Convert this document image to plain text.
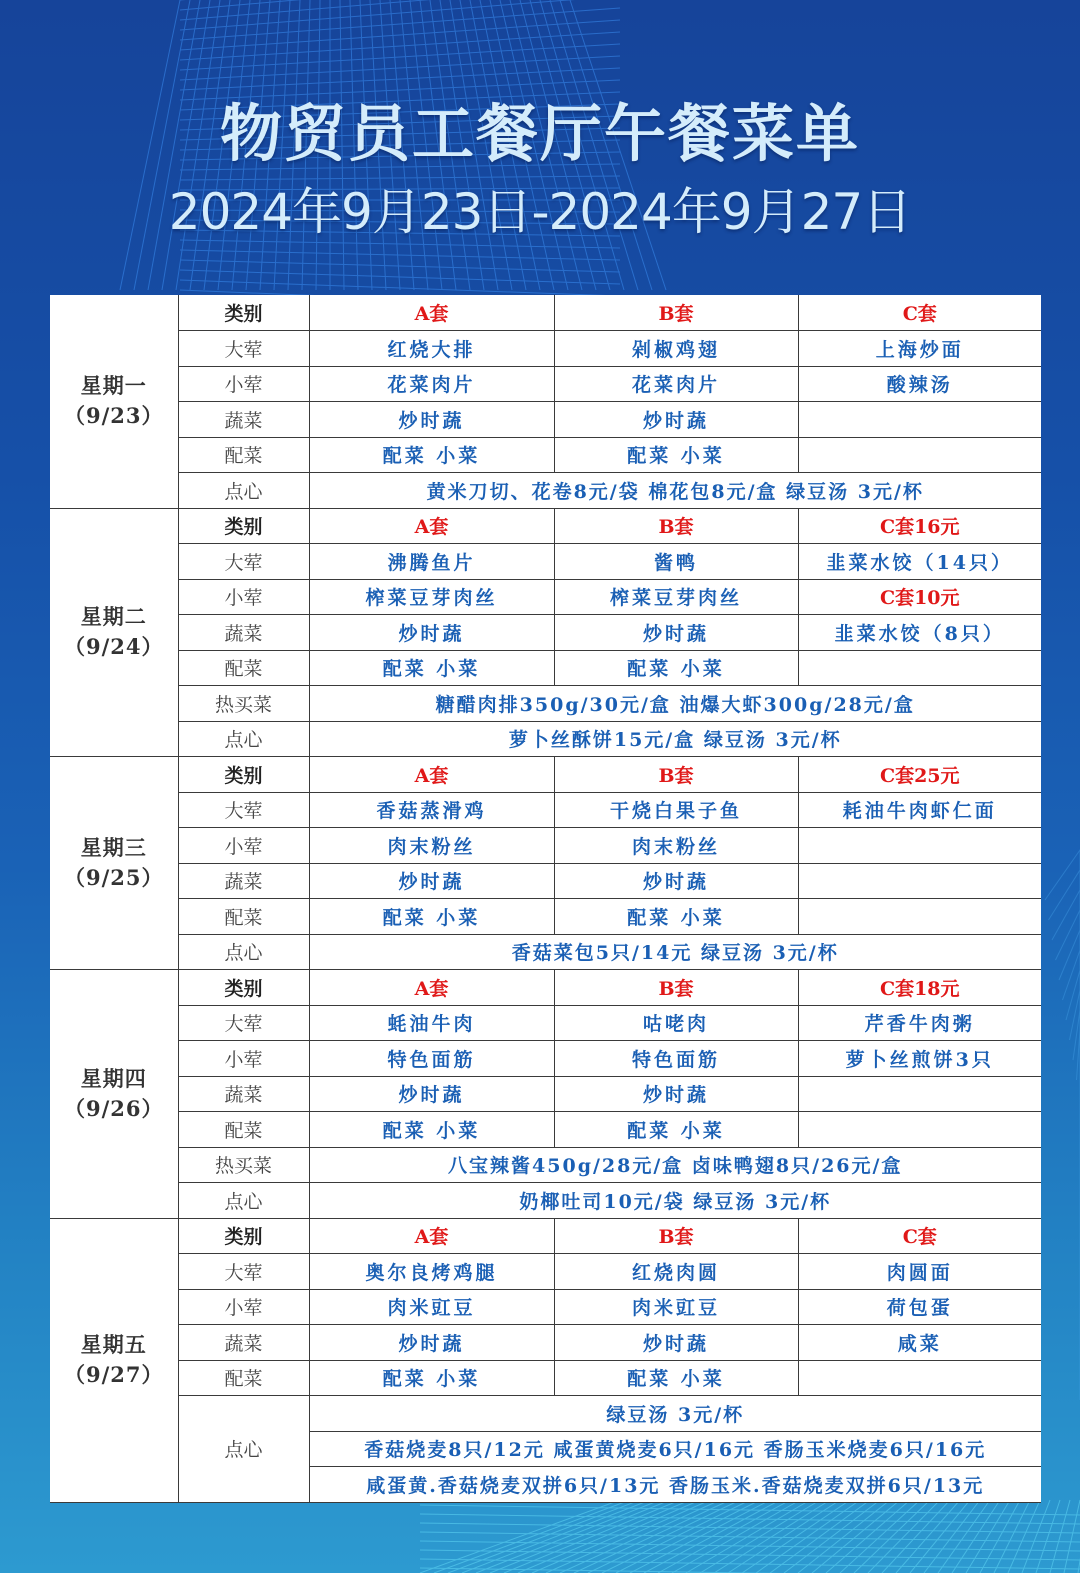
物贸员工餐厅午餐菜单
2024年9月23日-2024年9月27日
星期一
（9/23）	类别	A套	B套	C套
	大荤	红烧大排	剁椒鸡翅	上海炒面
	小荤	花菜肉片	花菜肉片	酸辣汤
	蔬菜	炒时蔬	炒时蔬	
	配菜	配菜 小菜	配菜 小菜	
	点心	黄米刀切、花卷8元/袋 棉花包8元/盒 绿豆汤 3元/杯		

星期二
（9/24）	类别	A套	B套	C套16元
	大荤	沸腾鱼片	酱鸭	韭菜水饺（14只）
	小荤	榨菜豆芽肉丝	榨菜豆芽肉丝	C套10元
	蔬菜	炒时蔬	炒时蔬	韭菜水饺（8只）
	配菜	配菜 小菜	配菜 小菜	
	热买菜	糖醋肉排350g/30元/盒 油爆大虾300g/28元/盒		
	点心	萝卜丝酥饼15元/盒 绿豆汤 3元/杯		

星期三
（9/25）	类别	A套	B套	C套25元
	大荤	香菇蒸滑鸡	干烧白果子鱼	耗油牛肉虾仁面
	小荤	肉末粉丝	肉末粉丝	
	蔬菜	炒时蔬	炒时蔬	
	配菜	配菜 小菜	配菜 小菜	
	点心	香菇菜包5只/14元 绿豆汤 3元/杯		

星期四
（9/26）	类别	A套	B套	C套18元
	大荤	蚝油牛肉	咕咾肉	芹香牛肉粥
	小荤	特色面筋	特色面筋	萝卜丝煎饼3只
	蔬菜	炒时蔬	炒时蔬	
	配菜	配菜 小菜	配菜 小菜	
	热买菜	八宝辣酱450g/28元/盒 卤味鸭翅8只/26元/盒		
	点心	奶椰吐司10元/袋 绿豆汤 3元/杯		

星期五
（9/27）	类别	A套	B套	C套
	大荤	奥尔良烤鸡腿	红烧肉圆	肉圆面
	小荤	肉米豇豆	肉米豇豆	荷包蛋
	蔬菜	炒时蔬	炒时蔬	咸菜
	配菜	配菜 小菜	配菜 小菜	
	点心	绿豆汤 3元/杯		
		香菇烧麦8只/12元 咸蛋黄烧麦6只/16元 香肠玉米烧麦6只/16元		
		咸蛋黄.香菇烧麦双拼6只/13元 香肠玉米.香菇烧麦双拼6只/13元		
